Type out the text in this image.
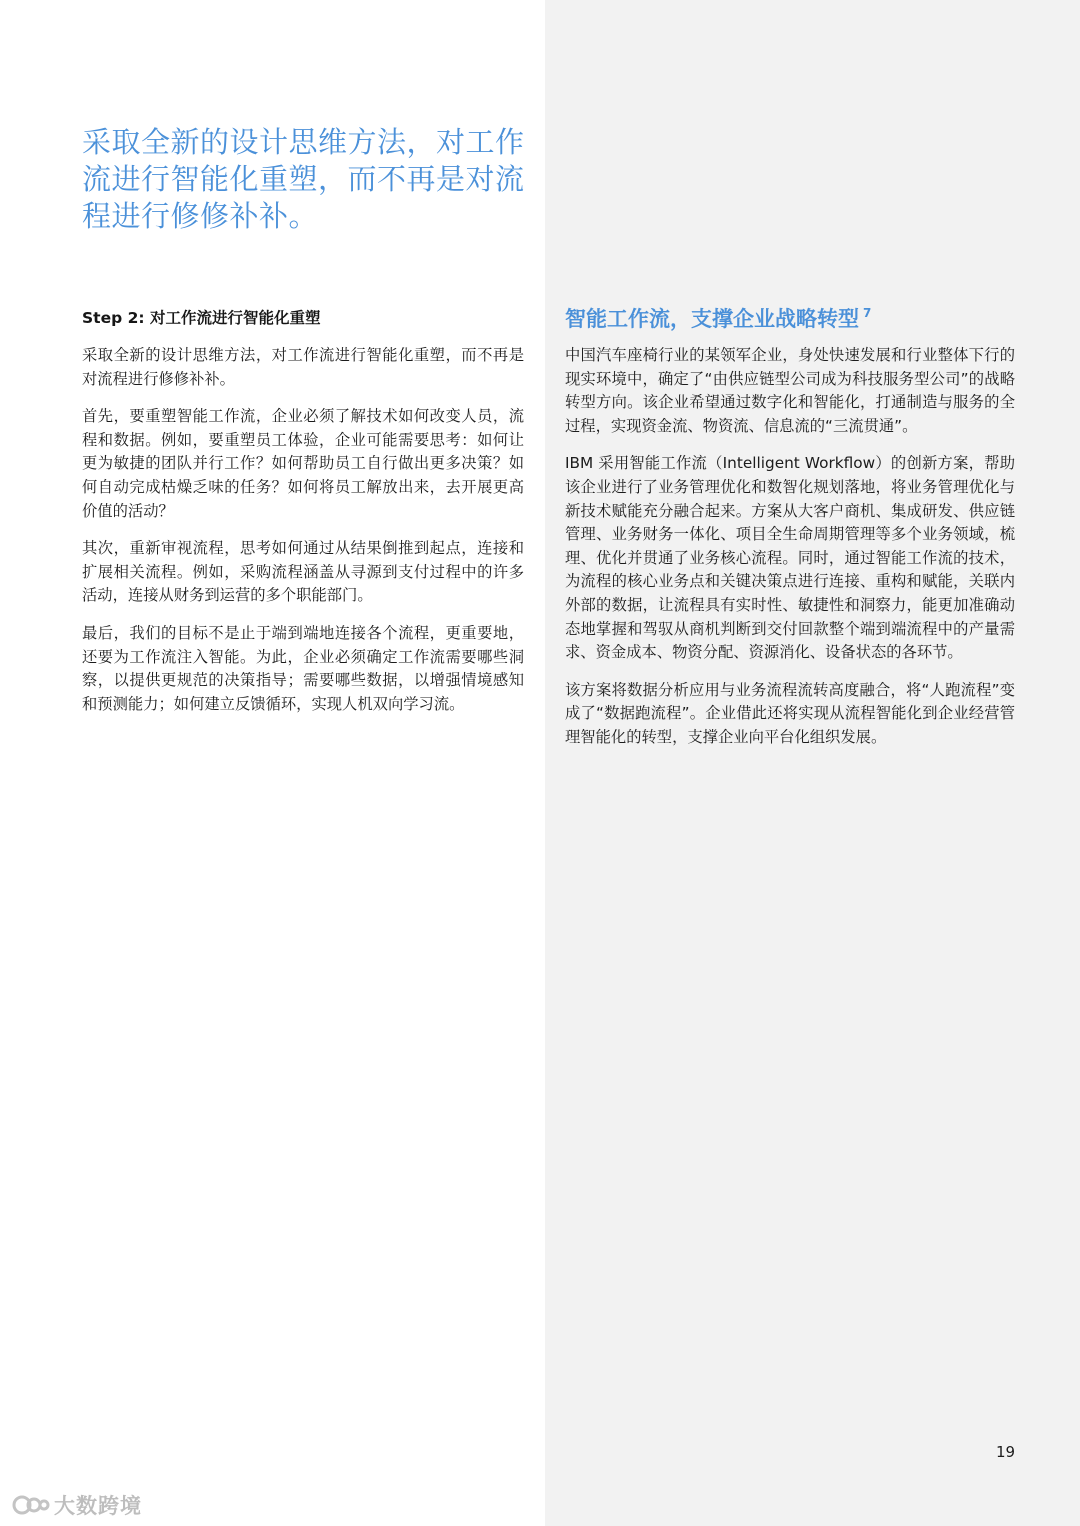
采取全新的设计思维方法，对工作流进行智能化重塑，而不再是对流程进行修修补补。
Step 2: 对工作流进行智能化重塑

采取全新的设计思维方法，对工作流进行智能化重塑，而不再是对流程进行修修补补。

首先，要重塑智能工作流，企业必须了解技术如何改变人员，流程和数据。例如，要重塑员工体验，企业可能需要思考：如何让更为敏捷的团队并行工作？如何帮助员工自行做出更多决策？如何自动完成枯燥乏味的任务？如何将员工解放出来，去开展更高价值的活动？

其次，重新审视流程，思考如何通过从结果倒推到起点，连接和扩展相关流程。例如，采购流程涵盖从寻源到支付过程中的许多活动，连接从财务到运营的多个职能部门。

最后，我们的目标不是止于端到端地连接各个流程，更重要地，还要为工作流注入智能。为此，企业必须确定工作流需要哪些洞察，以提供更规范的决策指导；需要哪些数据，以增强情境感知和预测能力；如何建立反馈循环，实现人机双向学习流。

智能工作流，支撑企业战略转型 $^7$

中国汽车座椅行业的某领军企业，身处快速发展和行业整体下行的现实环境中，确定了“由供应链型公司成为科技服务型公司”的战略转型方向。该企业希望通过数字化和智能化，打通制造与服务的全过程，实现资金流、物资流、信息流的“三流贯通”。

IBM 采用智能工作流（Intelligent Workflow）的创新方案，帮助该企业进行了业务管理优化和数智化规划落地，将业务管理优化与新技术赋能充分融合起来。方案从大客户商机、集成研发、供应链管理、业务财务一体化、项目全生命周期管理等多个业务领域，梳理、优化并贯通了业务核心流程。同时，通过智能工作流的技术，为流程的核心业务点和关键决策点进行连接、重构和赋能，关联内外部的数据，让流程具有实时性、敏捷性和洞察力，能更加准确动态地掌握和驾驭从商机判断到交付回款整个端到端流程中的产量需求、资金成本、物资分配、资源消化、设备状态的各环节。

该方案将数据分析应用与业务流程流转高度融合，将“人跑流程”变成了“数据跑流程”。企业借此还将实现从流程智能化到企业经营管理智能化的转型，支撑企业向平台化组织发展。

19
大数跨境
